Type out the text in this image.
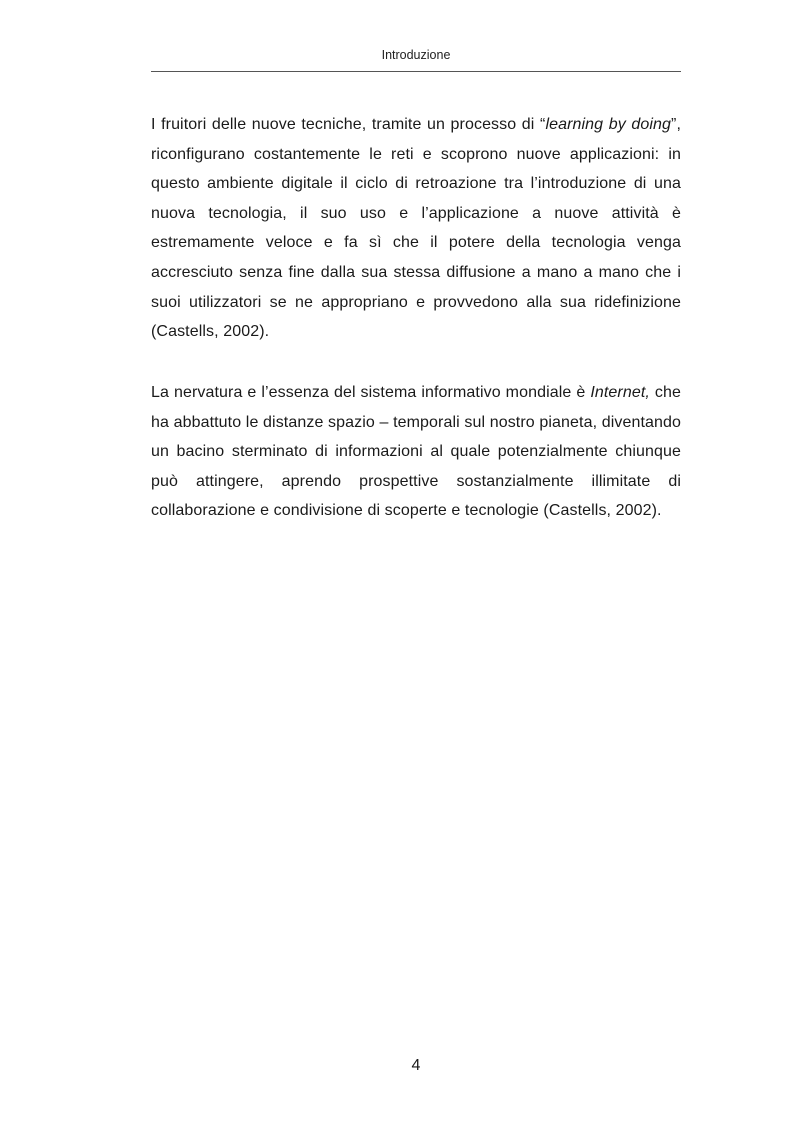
Introduzione

I fruitori delle nuove tecniche, tramite un processo di “learning by doing”, riconfigurano costantemente le reti e scoprono nuove applicazioni: in questo ambiente digitale il ciclo di retroazione tra l’introduzione di una nuova tecnologia, il suo uso e l’applicazione a nuove attività è estremamente veloce e fa sì che il potere della tecnologia venga accresciuto senza fine dalla sua stessa diffusione a mano a mano che i suoi utilizzatori se ne appropriano e provvedono alla sua ridefinizione (Castells, 2002).

La nervatura e l’essenza del sistema informativo mondiale è Internet, che ha abbattuto le distanze spazio – temporali sul nostro pianeta, diventando un bacino sterminato di informazioni al quale potenzialmente chiunque può attingere, aprendo prospettive sostanzialmente illimitate di collaborazione e condivisione di scoperte e tecnologie (Castells, 2002).

4
